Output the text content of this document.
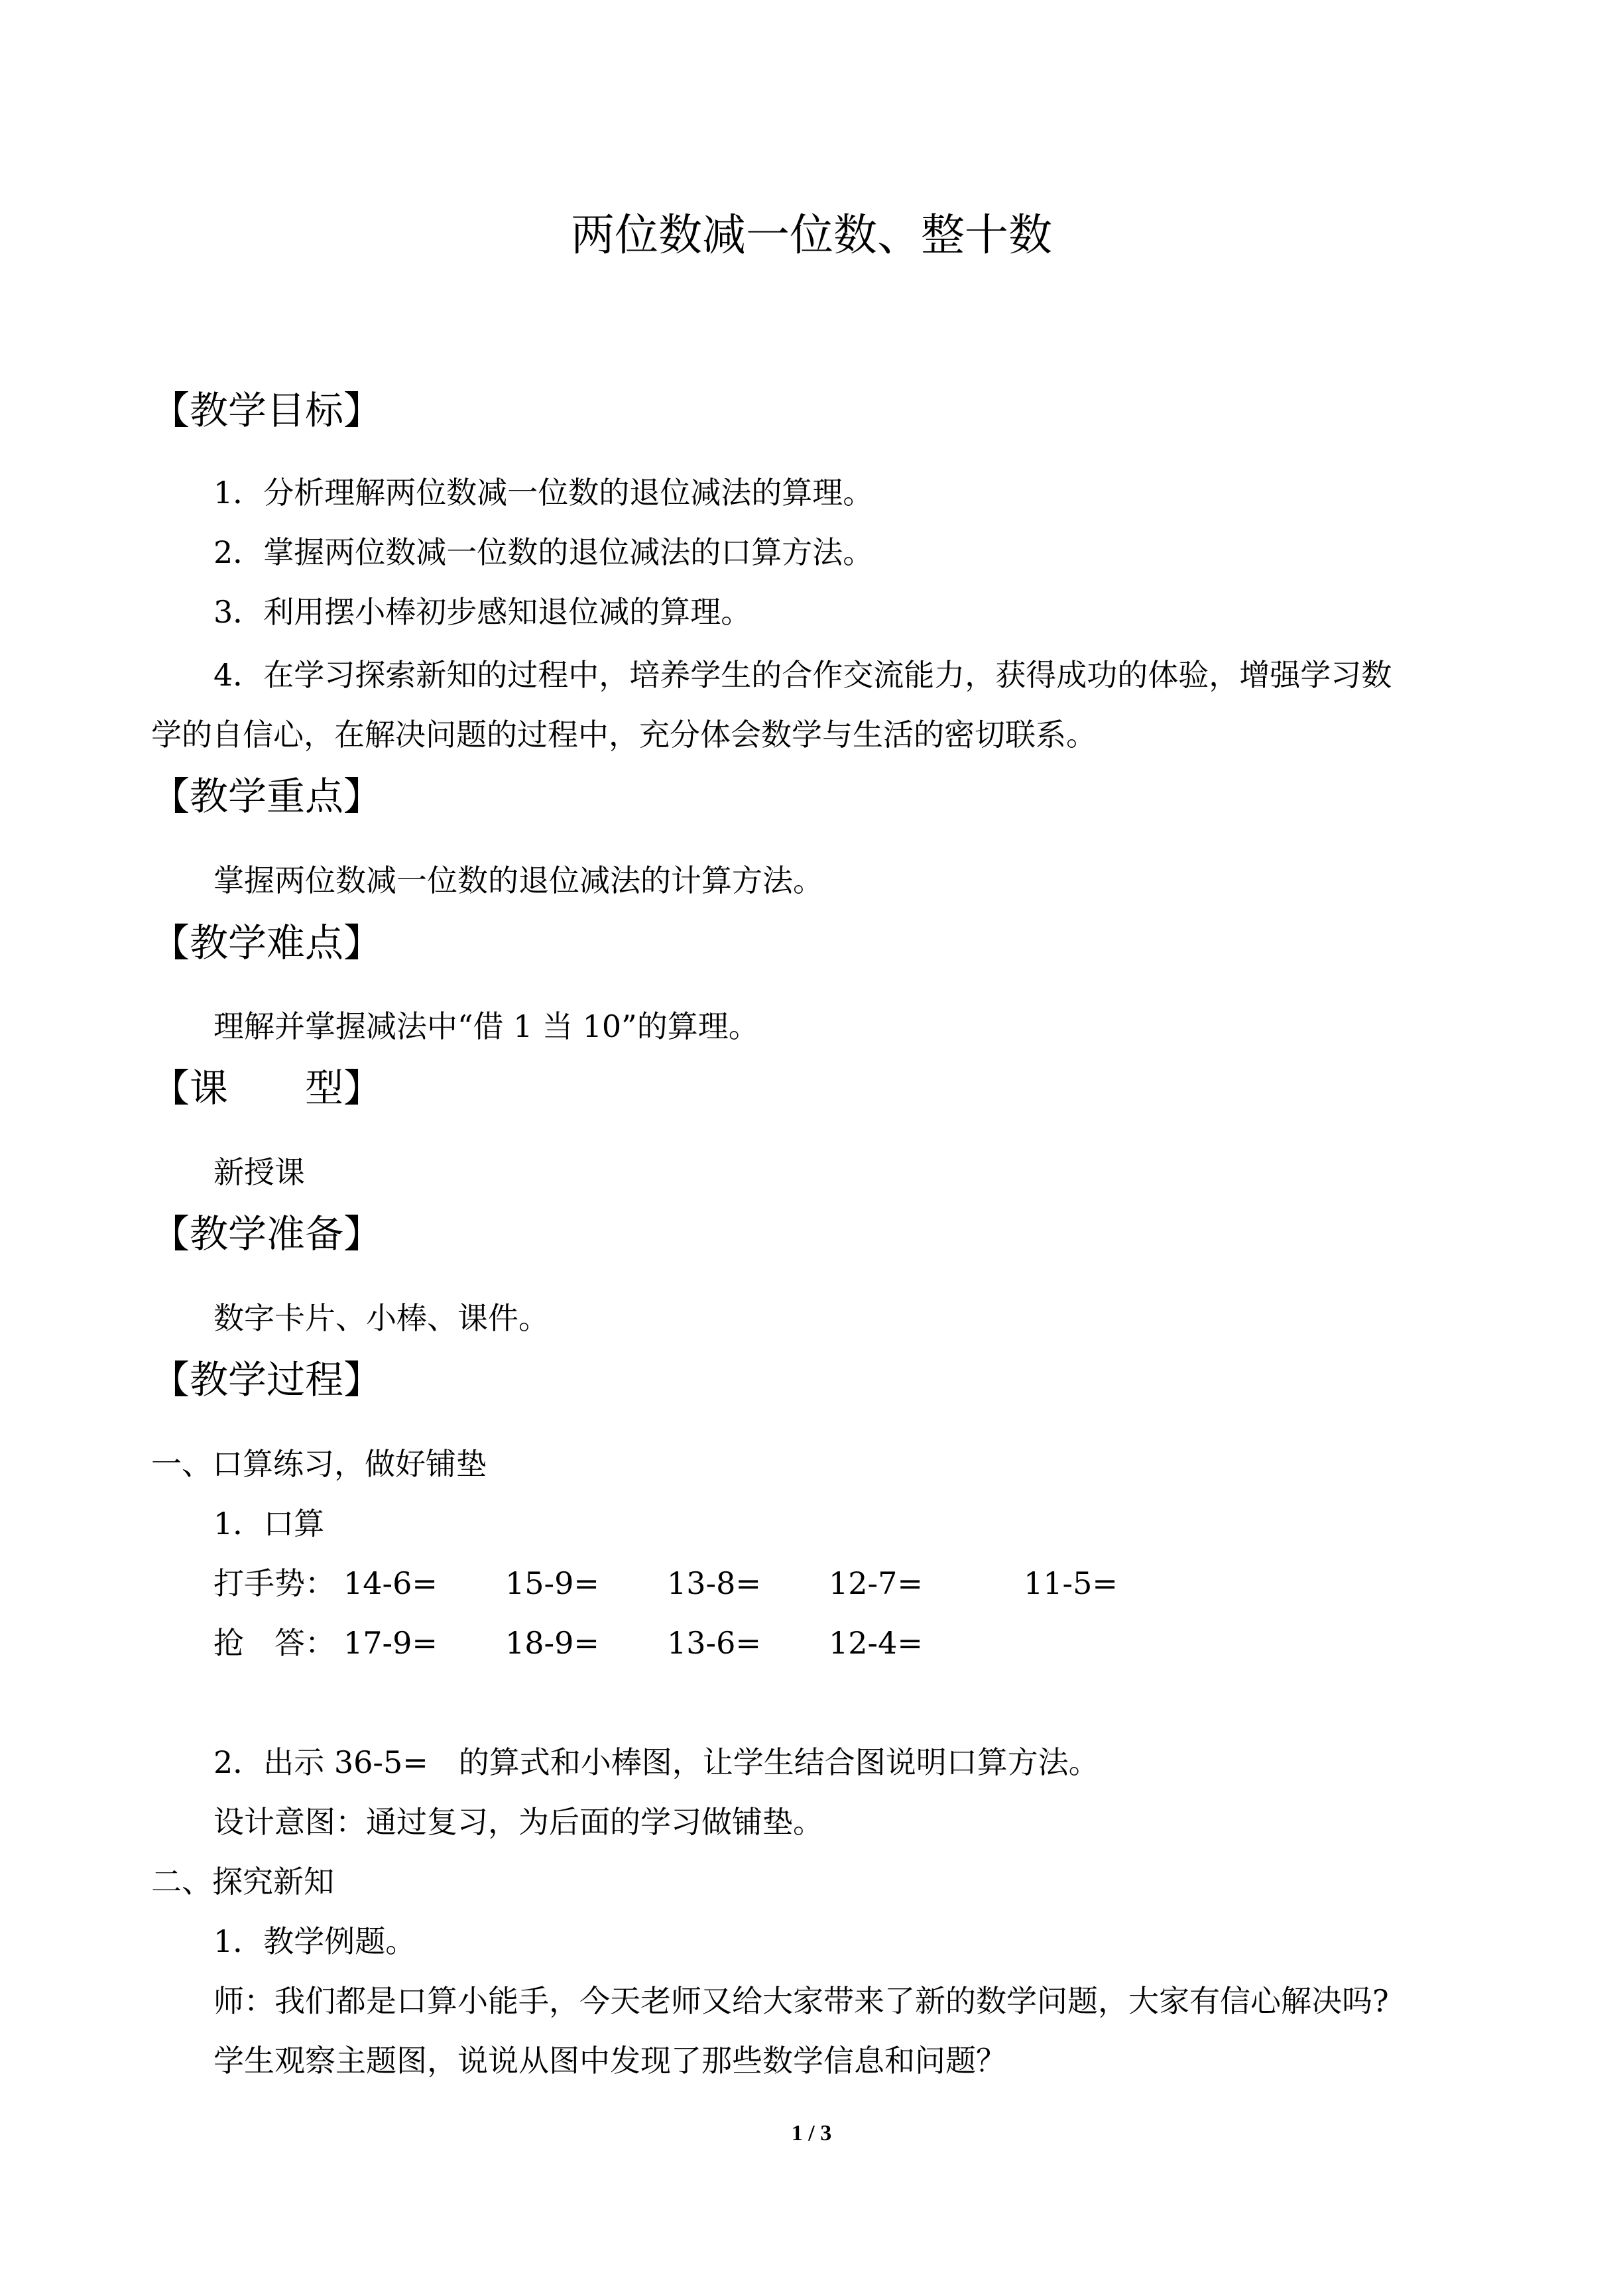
两位数减一位数、整十数
【教学目标】
1．分析理解两位数减一位数的退位减法的算理。
2．掌握两位数减一位数的退位减法的口算方法。
3．利用摆小棒初步感知退位减的算理。
4．在学习探索新知的过程中，培养学生的合作交流能力，获得成功的体验，增强学习数
学的自信心，在解决问题的过程中，充分体会数学与生活的密切联系。
【教学重点】
掌握两位数减一位数的退位减法的计算方法。
【教学难点】
理解并掌握减法中“借 1 当 10”的算理。
【课　　型】
新授课
【教学准备】
数字卡片、小棒、课件。
【教学过程】
一、口算练习，做好铺垫
1．口算
打手势： 14-6= 15-9= 13-8= 12-7=	11-5=
抢　答： 17-9= 18-9= 13-6= 12-4=
2．出示 36-5=　的算式和小棒图，让学生结合图说明口算方法。
设计意图：通过复习，为后面的学习做铺垫。
二、探究新知
1．教学例题。
师：我们都是口算小能手，今天老师又给大家带来了新的数学问题，大家有信心解决吗?
学生观察主题图，说说从图中发现了那些数学信息和问题？
1 / 3
